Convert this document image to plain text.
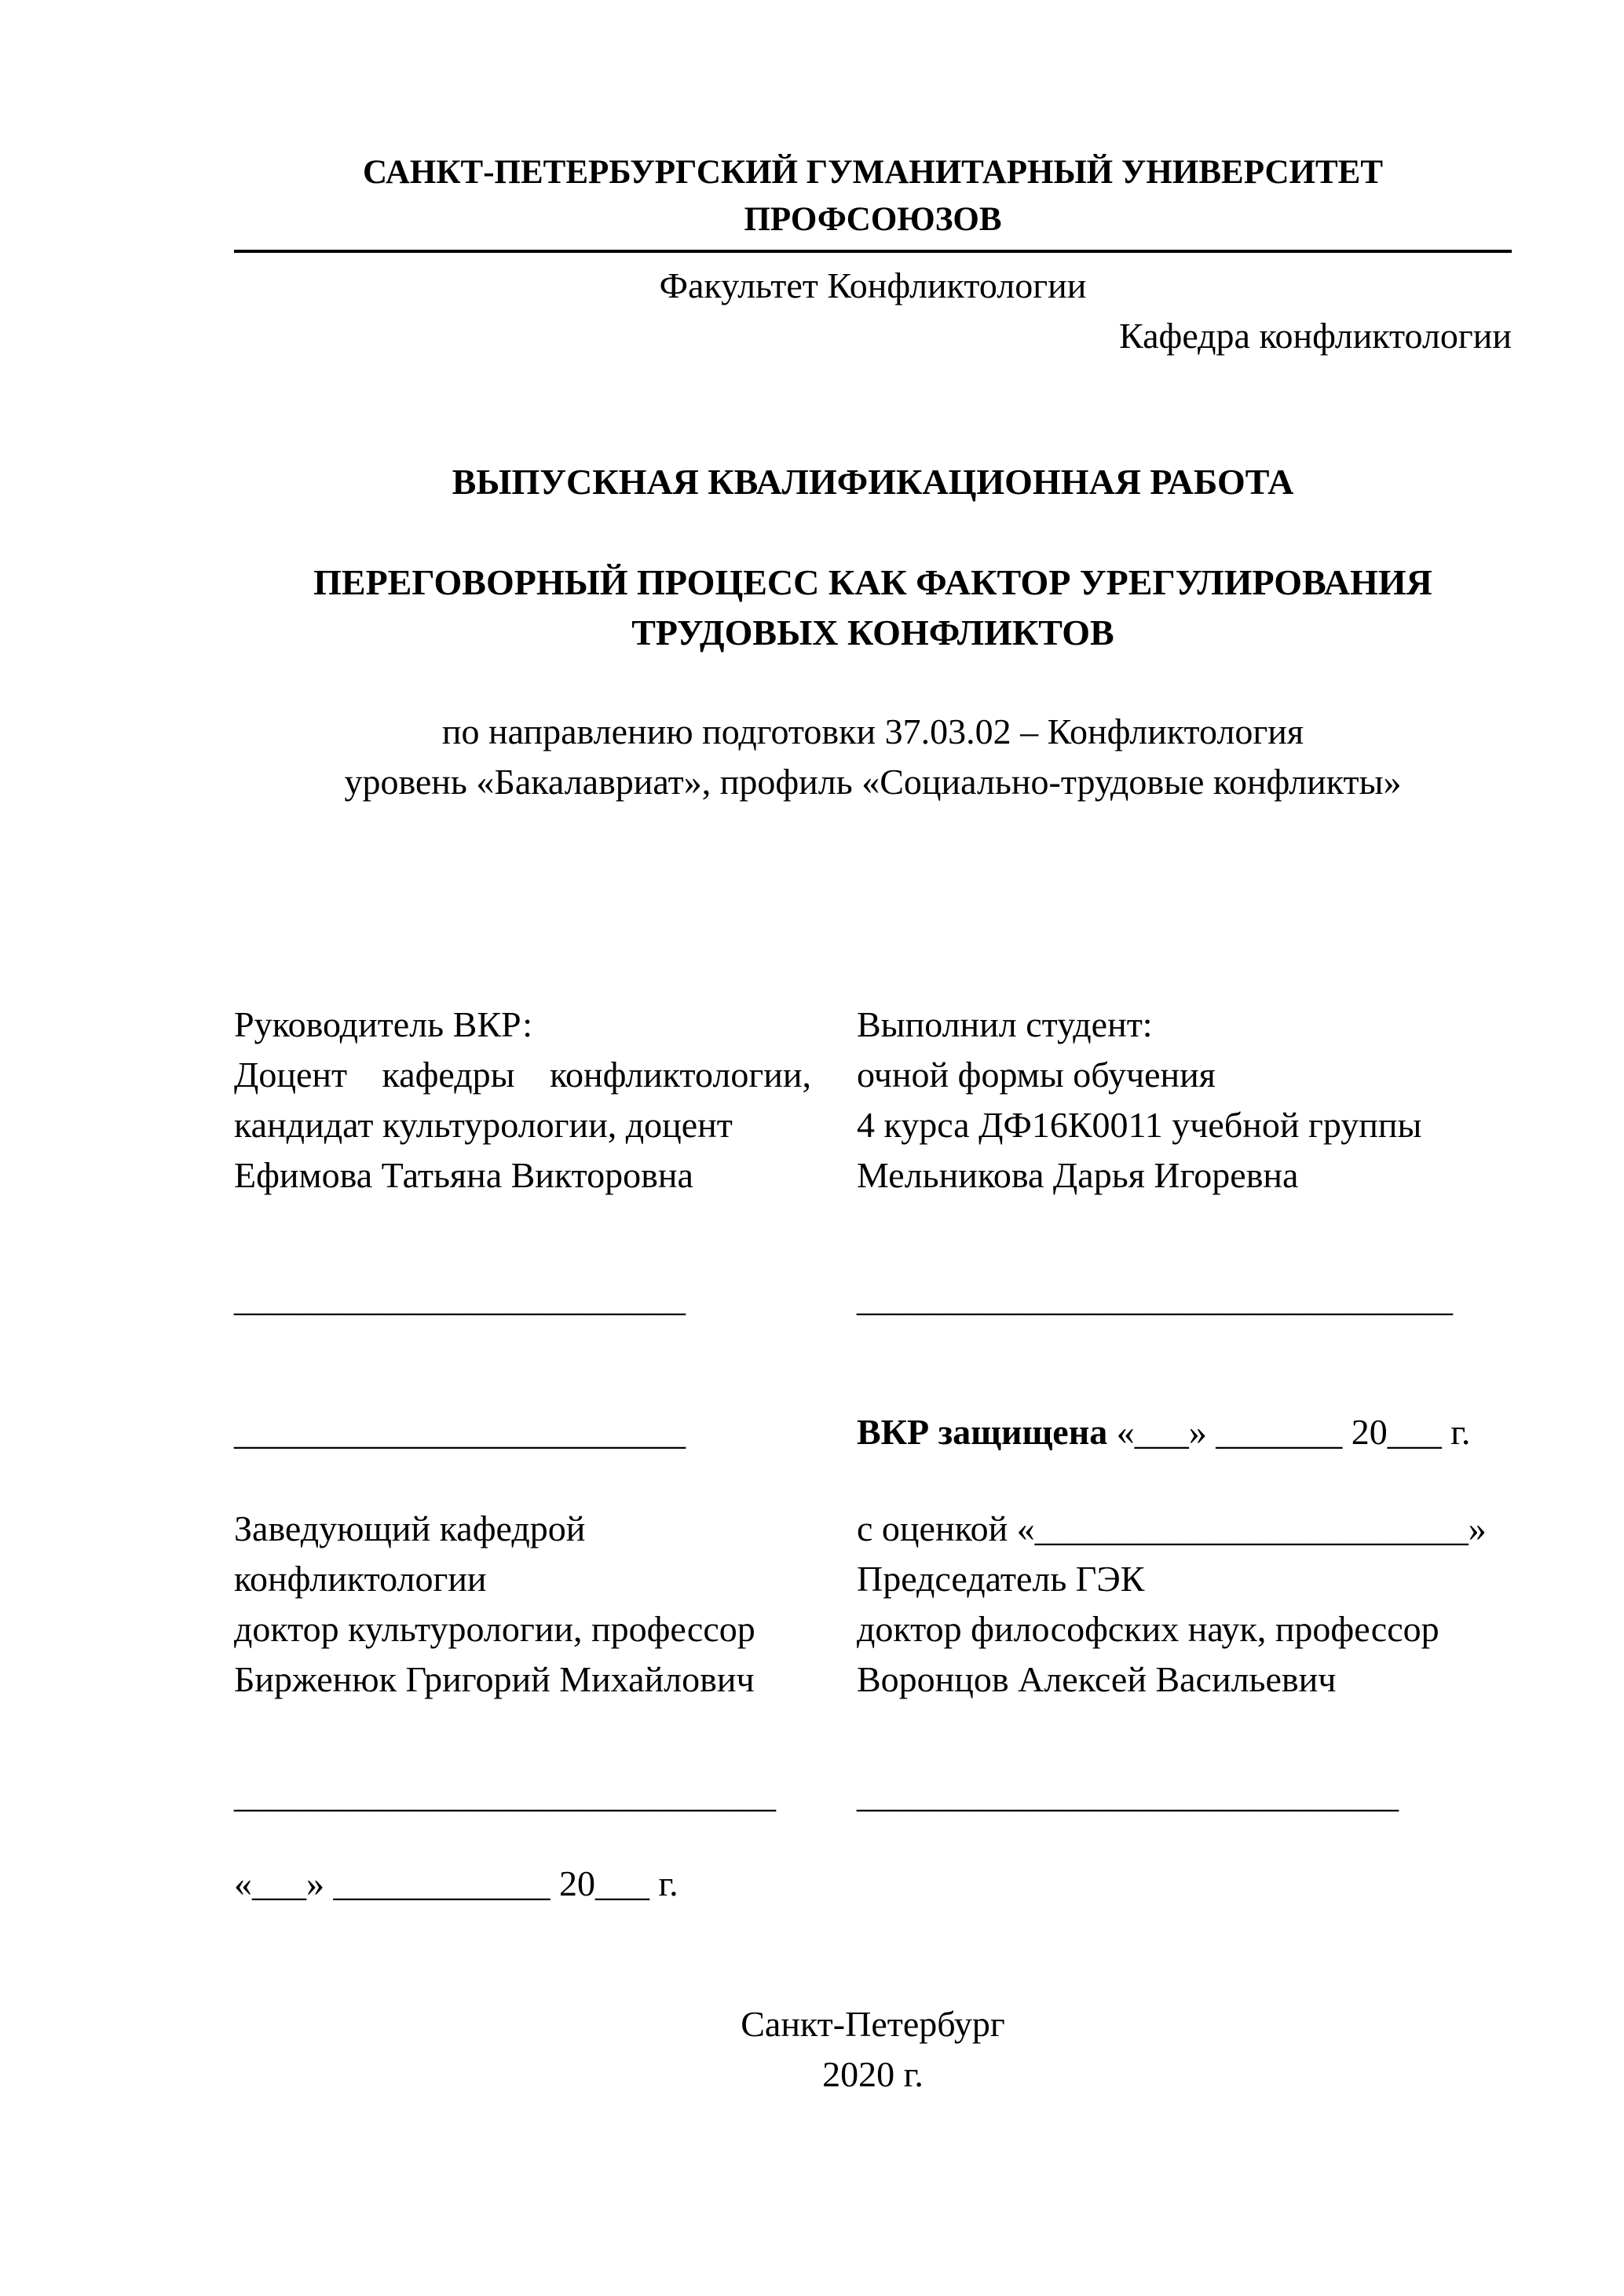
САНКТ-ПЕТЕРБУРГСКИЙ ГУМАНИТАРНЫЙ УНИВЕРСИТЕТ ПРОФСОЮЗОВ
Факультет Конфликтологии
Кафедра конфликтологии
ВЫПУСКНАЯ КВАЛИФИКАЦИОННАЯ РАБОТА
ПЕРЕГОВОРНЫЙ ПРОЦЕСС КАК ФАКТОР УРЕГУЛИРОВАНИЯ
ТРУДОВЫХ КОНФЛИКТОВ
по направлению подготовки 37.03.02 – Конфликтология
уровень «Бакалавриат», профиль «Социально-трудовые конфликты»
Руководитель ВКР:
Доцент кафедры конфликтологии,
кандидат культурологии, доцент
Ефимова Татьяна Викторовна
_________________________
_________________________
Заведующий кафедрой
конфликтологии
доктор культурологии, профессор
Бирженюк Григорий Михайлович
______________________________
«___» ____________ 20___ г.
Выполнил студент:
очной формы обучения
4 курса ДФ16К0011 учебной группы
Мельникова Дарья Игоревна
_________________________________
ВКР защищена «___» _______ 20___ г.
с оценкой «________________________»
Председатель ГЭК
доктор философских наук, профессор
Воронцов Алексей Васильевич
______________________________
Санкт-Петербург
2020 г.
